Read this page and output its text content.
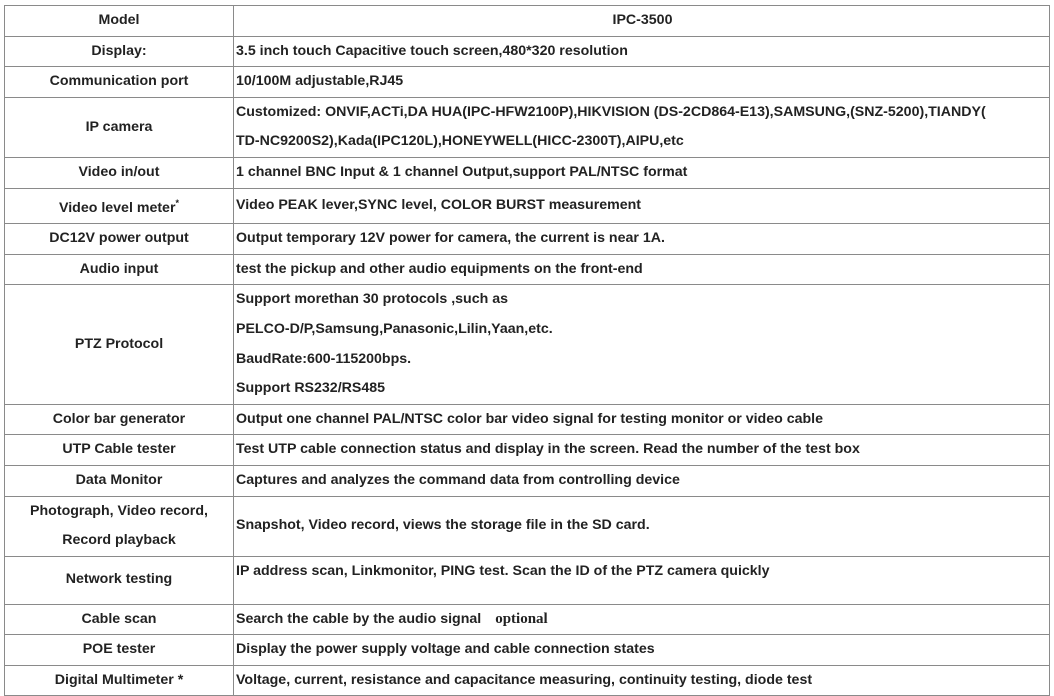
Model	IPC-3500
Display:	3.5 inch touch Capacitive touch screen,480*320 resolution
Communication port	10/100M adjustable,RJ45
IP camera	Customized: ONVIF,ACTi,DA HUA(IPC-HFW2100P),HIKVISION (DS-2CD864-E13),SAMSUNG,(SNZ-5200),TIANDY(
TD-NC9200S2),Kada(IPC120L),HONEYWELL(HICC-2300T),AIPU,etc

Video in/out	1 channel BNC Input & 1 channel Output,support PAL/NTSC format
Video level meter*	Video PEAK lever,SYNC level, COLOR BURST measurement
DC12V power output	Output temporary 12V power for camera, the current is near 1A.
Audio input	test the pickup and other audio equipments on the front-end
PTZ Protocol	Support morethan 30 protocols ,such as
PELCO-D/P,Samsung,Panasonic,Lilin,Yaan,etc.
BaudRate:600-115200bps.
Support RS232/RS485

Color bar generator	Output one channel PAL/NTSC color bar video signal for testing monitor or video cable
UTP Cable tester	Test UTP cable connection status and display in the screen. Read the number of the test box
Data Monitor	Captures and analyzes the command data from controlling device

Photograph, Video record,
Record playback	Snapshot, Video record, views the storage file in the SD card.
Network testing	IP address scan, Linkmonitor, PING test. Scan the ID of the PTZ camera quickly
Cable scan	Search the cable by the audio signal optional
POE tester	Display the power supply voltage and cable connection states
Digital Multimeter *	Voltage, current, resistance and capacitance measuring, continuity testing, diode test
